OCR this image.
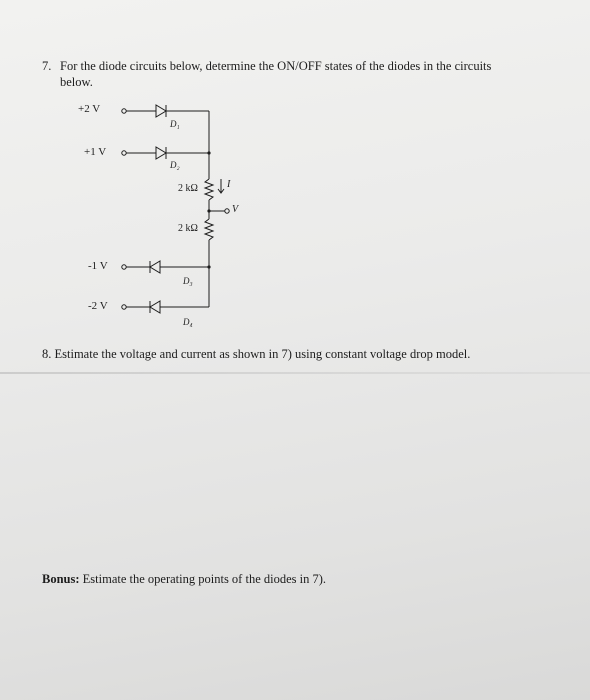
7. For the diode circuits below, determine the ON/OFF states of the diodes in the circuits
below.
+2 V
+1 V
-1 V
-2 V
D₁
D₂
D₃
D₄
2 kΩ
2 kΩ
I
V
8. Estimate the voltage and current as shown in 7) using constant voltage drop model.
Bonus: Estimate the operating points of the diodes in 7).
